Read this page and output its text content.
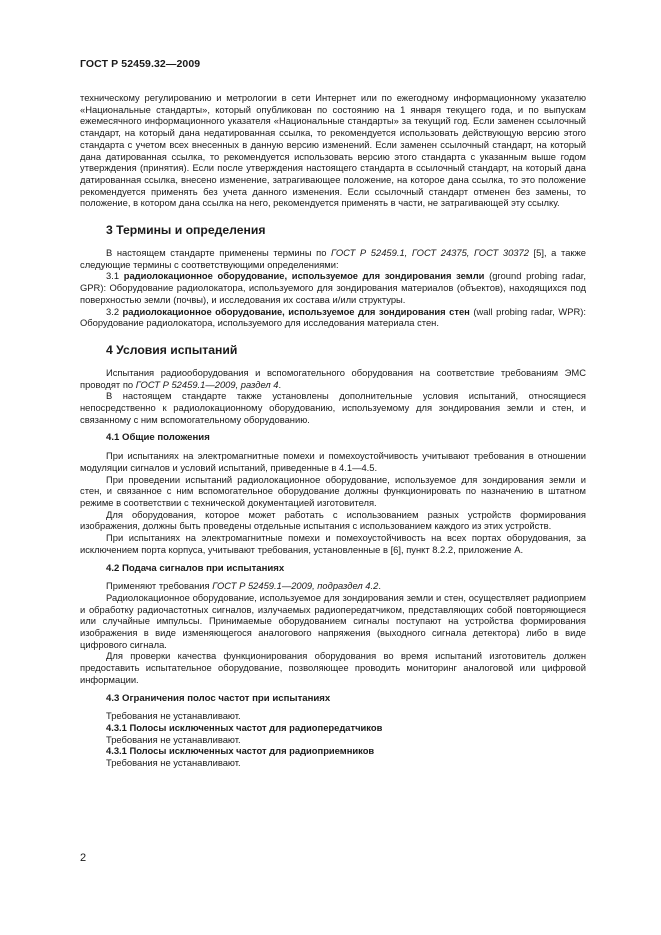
ГОСТ Р 52459.32—2009

техническому регулированию и метрологии в сети Интернет или по ежегодному информационному указателю «Национальные стандарты», который опубликован по состоянию на 1 января текущего года, и по выпускам ежемесячного информационного указателя «Национальные стандарты» за текущий год. Если заменен ссылочный стандарт, на который дана недатированная ссылка, то рекомендуется использовать действующую версию этого стандарта с учетом всех внесенных в данную версию изменений. Если заменен ссылочный стандарт, на который дана датированная ссылка, то рекомендуется использовать версию этого стандарта с указанным выше годом утверждения (принятия). Если после утверждения настоящего стандарта в ссылочный стандарт, на который дана датированная ссылка, внесено изменение, затрагивающее положение, на которое дана ссылка, то это положение рекомендуется применять без учета данного изменения. Если ссылочный стандарт отменен без замены, то положение, в котором дана ссылка на него, рекомендуется применять в части, не затрагивающей эту ссылку.

3 Термины и определения

В настоящем стандарте применены термины по ГОСТ Р 52459.1, ГОСТ 24375, ГОСТ 30372 [5], а также следующие термины с соответствующими определениями:

3.1 радиолокационное оборудование, используемое для зондирования земли (ground probing radar, GPR): Оборудование радиолокатора, используемого для зондирования материалов (объектов), находящихся под поверхностью земли (почвы), и исследования их состава и/или структуры.

3.2 радиолокационное оборудование, используемое для зондирования стен (wall probing radar, WPR): Оборудование радиолокатора, используемого для исследования материала стен.

4 Условия испытаний

Испытания радиооборудования и вспомогательного оборудования на соответствие требованиям ЭМС проводят по ГОСТ Р 52459.1—2009, раздел 4.

В настоящем стандарте также установлены дополнительные условия испытаний, относящиеся непосредственно к радиолокационному оборудованию, используемому для зондирования земли и стен, и связанному с ним вспомогательному оборудованию.

4.1 Общие положения

При испытаниях на электромагнитные помехи и помехоустойчивость учитывают требования в отношении модуляции сигналов и условий испытаний, приведенные в 4.1—4.5.

При проведении испытаний радиолокационное оборудование, используемое для зондирования земли и стен, и связанное с ним вспомогательное оборудование должны функционировать по назначению в штатном режиме в соответствии с технической документацией изготовителя.

Для оборудования, которое может работать с использованием разных устройств формирования изображения, должны быть проведены отдельные испытания с использованием каждого из этих устройств.

При испытаниях на электромагнитные помехи и помехоустойчивость на всех портах оборудования, за исключением порта корпуса, учитывают требования, установленные в [6], пункт 8.2.2, приложение А.

4.2 Подача сигналов при испытаниях

Применяют требования ГОСТ Р 52459.1—2009, подраздел 4.2.

Радиолокационное оборудование, используемое для зондирования земли и стен, осуществляет радиоприем и обработку радиочастотных сигналов, излучаемых радиопередатчиком, представляющих собой повторяющиеся или случайные импульсы. Принимаемые оборудованием сигналы поступают на устройства формирования изображения в виде изменяющегося аналогового напряжения (выходного сигнала детектора) либо в виде цифрового сигнала.

Для проверки качества функционирования оборудования во время испытаний изготовитель должен предоставить испытательное оборудование, позволяющее проводить мониторинг аналоговой или цифровой информации.

4.3 Ограничения полос частот при испытаниях

Требования не устанавливают.

4.3.1 Полосы исключенных частот для радиопередатчиков

Требования не устанавливают.

4.3.1 Полосы исключенных частот для радиоприемников

Требования не устанавливают.

2
